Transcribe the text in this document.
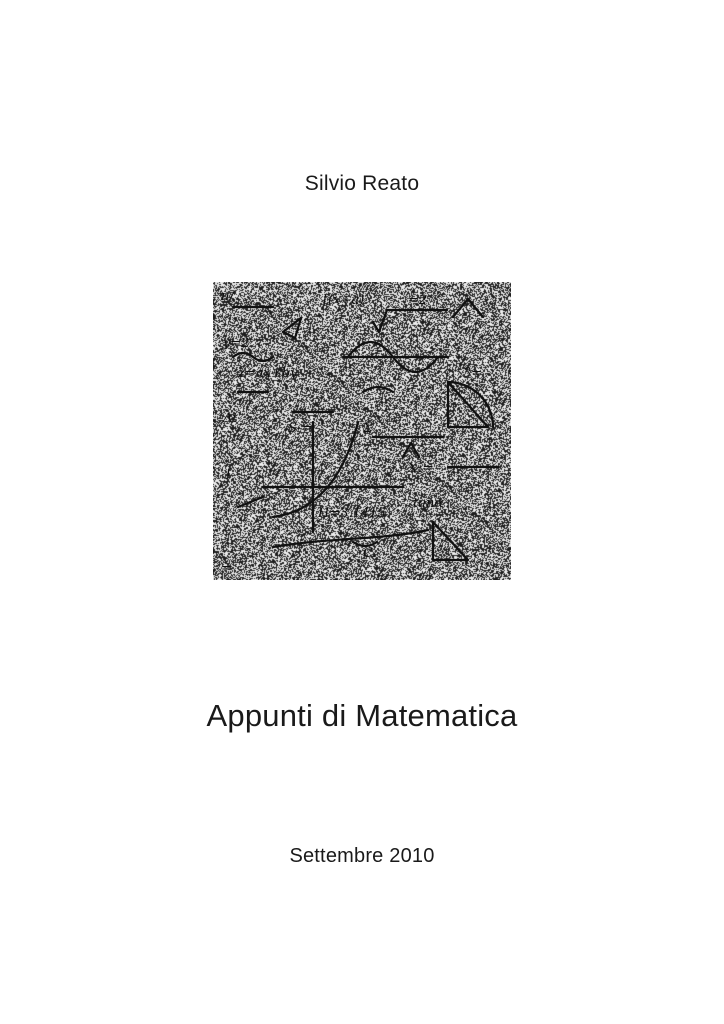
Silvio Reato
π/	[(x+a)	=2
y=2
z=ax+by
Σ
Sₙ=
X₁=
H=3.1415
∫
Cᵢ
=
3=
Δt
tanα
Appunti di Matematica
Settembre 2010
